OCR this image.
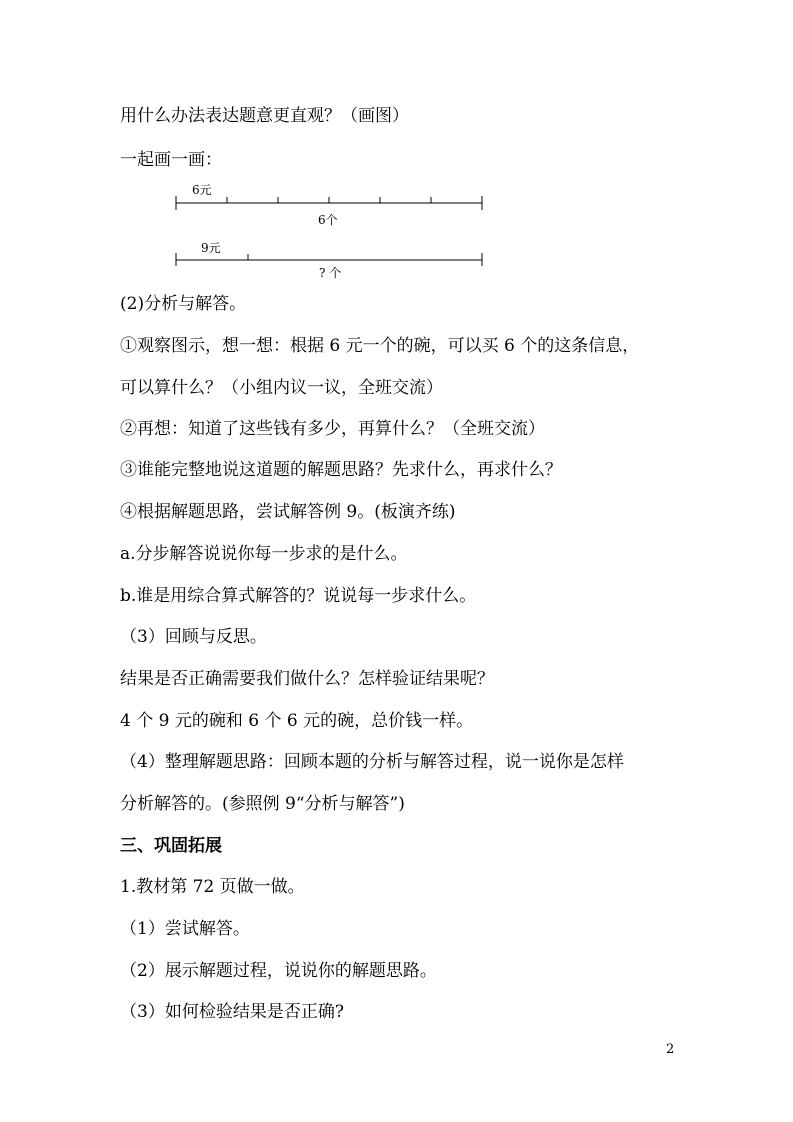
用什么办法表达题意更直观？（画图）
一起画一画：
6元
6个
9元
? 个
(2)分析与解答。
①观察图示，想一想：根据 6 元一个的碗，可以买 6 个的这条信息，
可以算什么？（小组内议一议，全班交流）
②再想：知道了这些钱有多少，再算什么？（全班交流）
③谁能完整地说这道题的解题思路？先求什么，再求什么？
④根据解题思路，尝试解答例 9。(板演齐练)
a.分步解答说说你每一步求的是什么。
b.谁是用综合算式解答的？说说每一步求什么。
（3）回顾与反思。
结果是否正确需要我们做什么？怎样验证结果呢？
4 个 9 元的碗和 6 个 6 元的碗，总价钱一样。
（4）整理解题思路：回顾本题的分析与解答过程，说一说你是怎样
分析解答的。(参照例 9“分析与解答”)
三、巩固拓展
1.教材第 72 页做一做。
（1）尝试解答。
（2）展示解题过程，说说你的解题思路。
（3）如何检验结果是否正确?
2
